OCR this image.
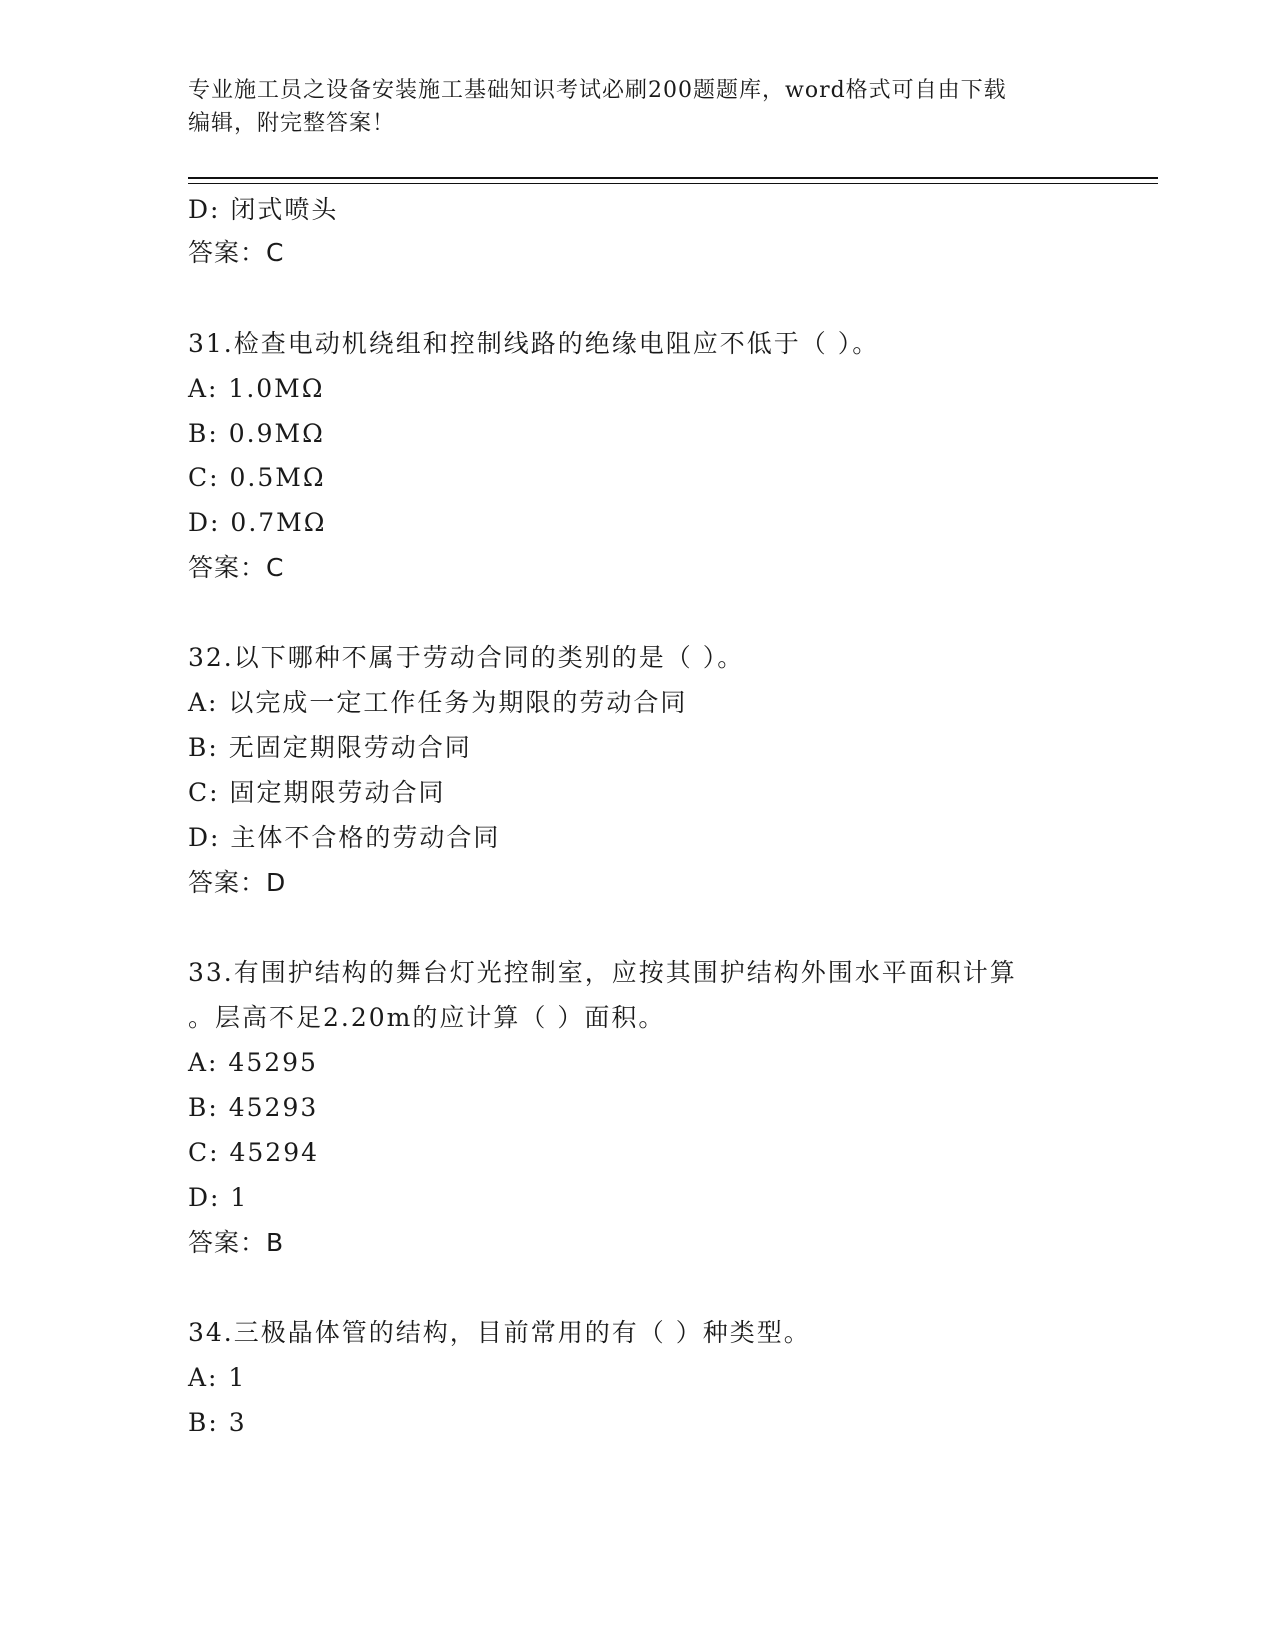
专业施工员之设备安装施工基础知识考试必刷200题题库，word格式可自由下载
编辑，附完整答案！
D: 闭式喷头
答案：C
31.检查电动机绕组和控制线路的绝缘电阻应不低于（ ）。
A: 1.0MΩ
B: 0.9MΩ
C: 0.5MΩ
D: 0.7MΩ
答案：C
32.以下哪种不属于劳动合同的类别的是（ ）。
A: 以完成一定工作任务为期限的劳动合同
B: 无固定期限劳动合同
C: 固定期限劳动合同
D: 主体不合格的劳动合同
答案：D
33.有围护结构的舞台灯光控制室，应按其围护结构外围水平面积计算
。层高不足2.20m的应计算（ ）面积。
A: 45295
B: 45293
C: 45294
D: 1
答案：B
34.三极晶体管的结构，目前常用的有（ ）种类型。
A: 1
B: 3
